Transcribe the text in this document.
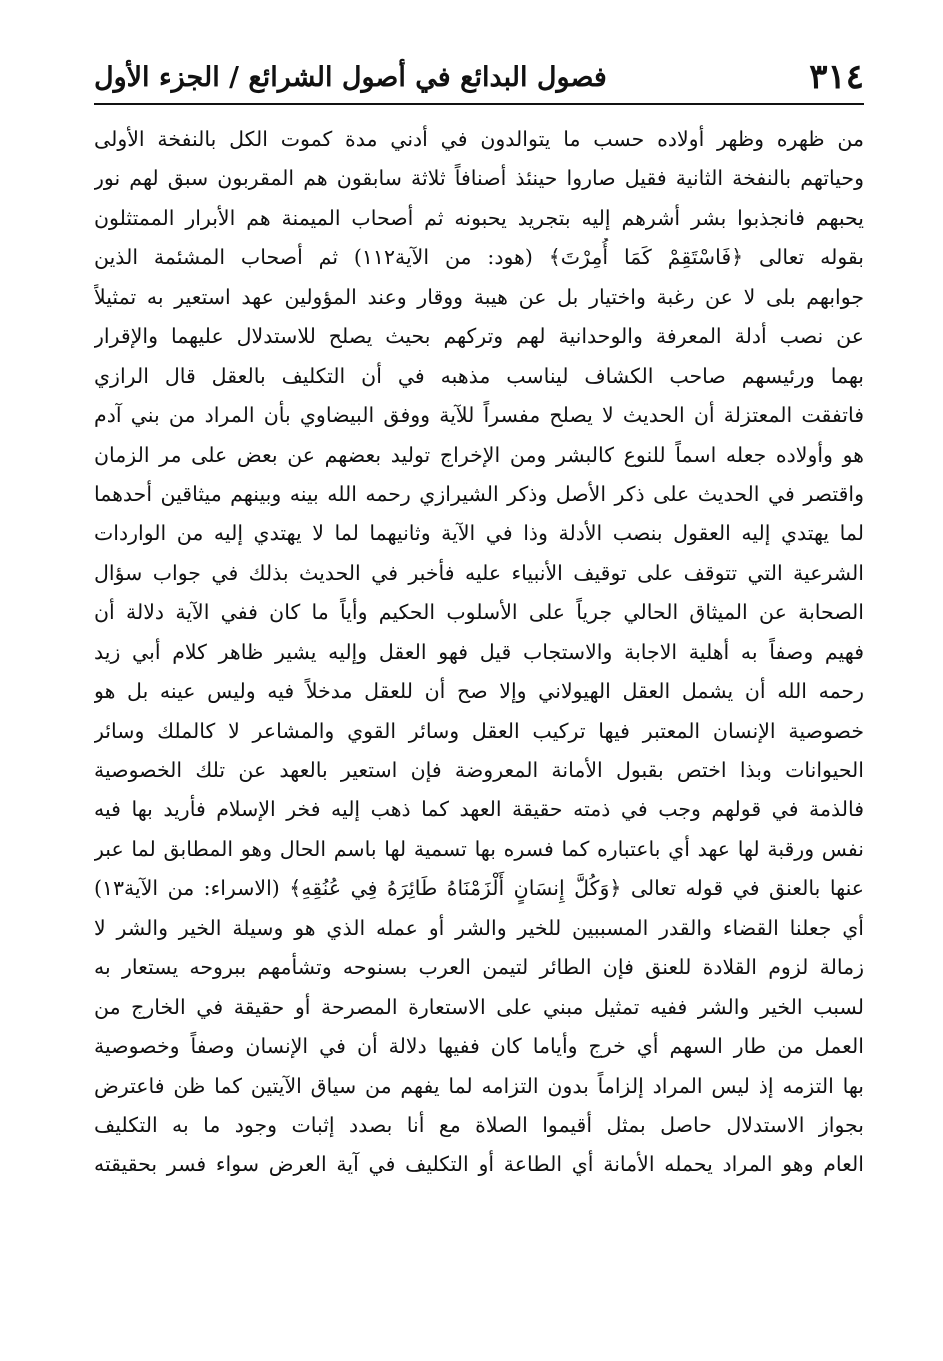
٣١٤
فصول البدائع في أصول الشرائع / الجزء الأول
من ظهره وظهر أولاده حسب ما يتوالدون في أدني مدة كموت الكل بالنفخة الأولى
وحياتهم بالنفخة الثانية فقيل صاروا حينئذ أصنافاً ثلاثة سابقون هم المقربون سبق لهم نور
يحبهم فانجذبوا بشر أشرهم إليه بتجريد يحبونه ثم أصحاب الميمنة هم الأبرار الممتثلون
بقوله تعالى ﴿فَاسْتَقِمْ كَمَا أُمِرْتَ﴾ (هود: من الآية١١٢) ثم أصحاب المشئمة الذين
جوابهم بلى لا عن رغبة واختيار بل عن هيبة ووقار وعند المؤولين عهد استعير به تمثيلاً
عن نصب أدلة المعرفة والوحدانية لهم وتركهم بحيث يصلح للاستدلال عليهما والإقرار
بهما ورئيسهم صاحب الكشاف ليناسب مذهبه في أن التكليف بالعقل قال الرازي
فاتفقت المعتزلة أن الحديث لا يصلح مفسراً للآية ووفق البيضاوي بأن المراد من بني آدم
هو وأولاده جعله اسماً للنوع كالبشر ومن الإخراج توليد بعضهم عن بعض على مر الزمان
واقتصر في الحديث على ذكر الأصل وذكر الشيرازي رحمه الله بينه وبينهم ميثاقين أحدهما
لما يهتدي إليه العقول بنصب الأدلة وذا في الآية وثانيهما لما لا يهتدي إليه من الواردات
الشرعية التي تتوقف على توقيف الأنبياء عليه فأخبر في الحديث بذلك في جواب سؤال
الصحابة عن الميثاق الحالي جرياً على الأسلوب الحكيم وأياً ما كان ففي الآية دلالة أن
فهيم وصفاً به أهلية الاجابة والاستجاب قيل فهو العقل وإليه يشير ظاهر كلام أبي زيد
رحمه الله أن يشمل العقل الهيولاني وإلا صح أن للعقل مدخلاً فيه وليس عينه بل هو
خصوصية الإنسان المعتبر فيها تركيب العقل وسائر القوي والمشاعر لا كالملك وسائر
الحيوانات وبذا اختص بقبول الأمانة المعروضة فإن استعير بالعهد عن تلك الخصوصية
فالذمة في قولهم وجب في ذمته حقيقة العهد كما ذهب إليه فخر الإسلام فأريد بها فيه
نفس ورقبة لها عهد أي باعتباره كما فسره بها تسمية لها باسم الحال وهو المطابق لما عبر
عنها بالعنق في قوله تعالى ﴿وَكُلَّ إِنسَانٍ أَلْزَمْنَاهُ طَائِرَهُ فِي عُنُقِهِ﴾ (الاسراء: من الآية١٣)
أي جعلنا القضاء والقدر المسببين للخير والشر أو عمله الذي هو وسيلة الخير والشر لا
زمالة لزوم القلادة للعنق فإن الطائر لتيمن العرب بسنوحه وتشأمهم ببروحه يستعار به
لسبب الخير والشر ففيه تمثيل مبني على الاستعارة المصرحة أو حقيقة في الخارج من
العمل من طار السهم أي خرج وأياما كان ففيها دلالة أن في الإنسان وصفاً وخصوصية
بها التزمه إذ ليس المراد إلزاماً بدون التزامه لما يفهم من سياق الآيتين كما ظن فاعترض
بجواز الاستدلال حاصل بمثل أقيموا الصلاة مع أنا بصدد إثبات وجود ما به التكليف
العام وهو المراد يحمله الأمانة أي الطاعة أو التكليف في آية العرض سواء فسر بحقيقته
